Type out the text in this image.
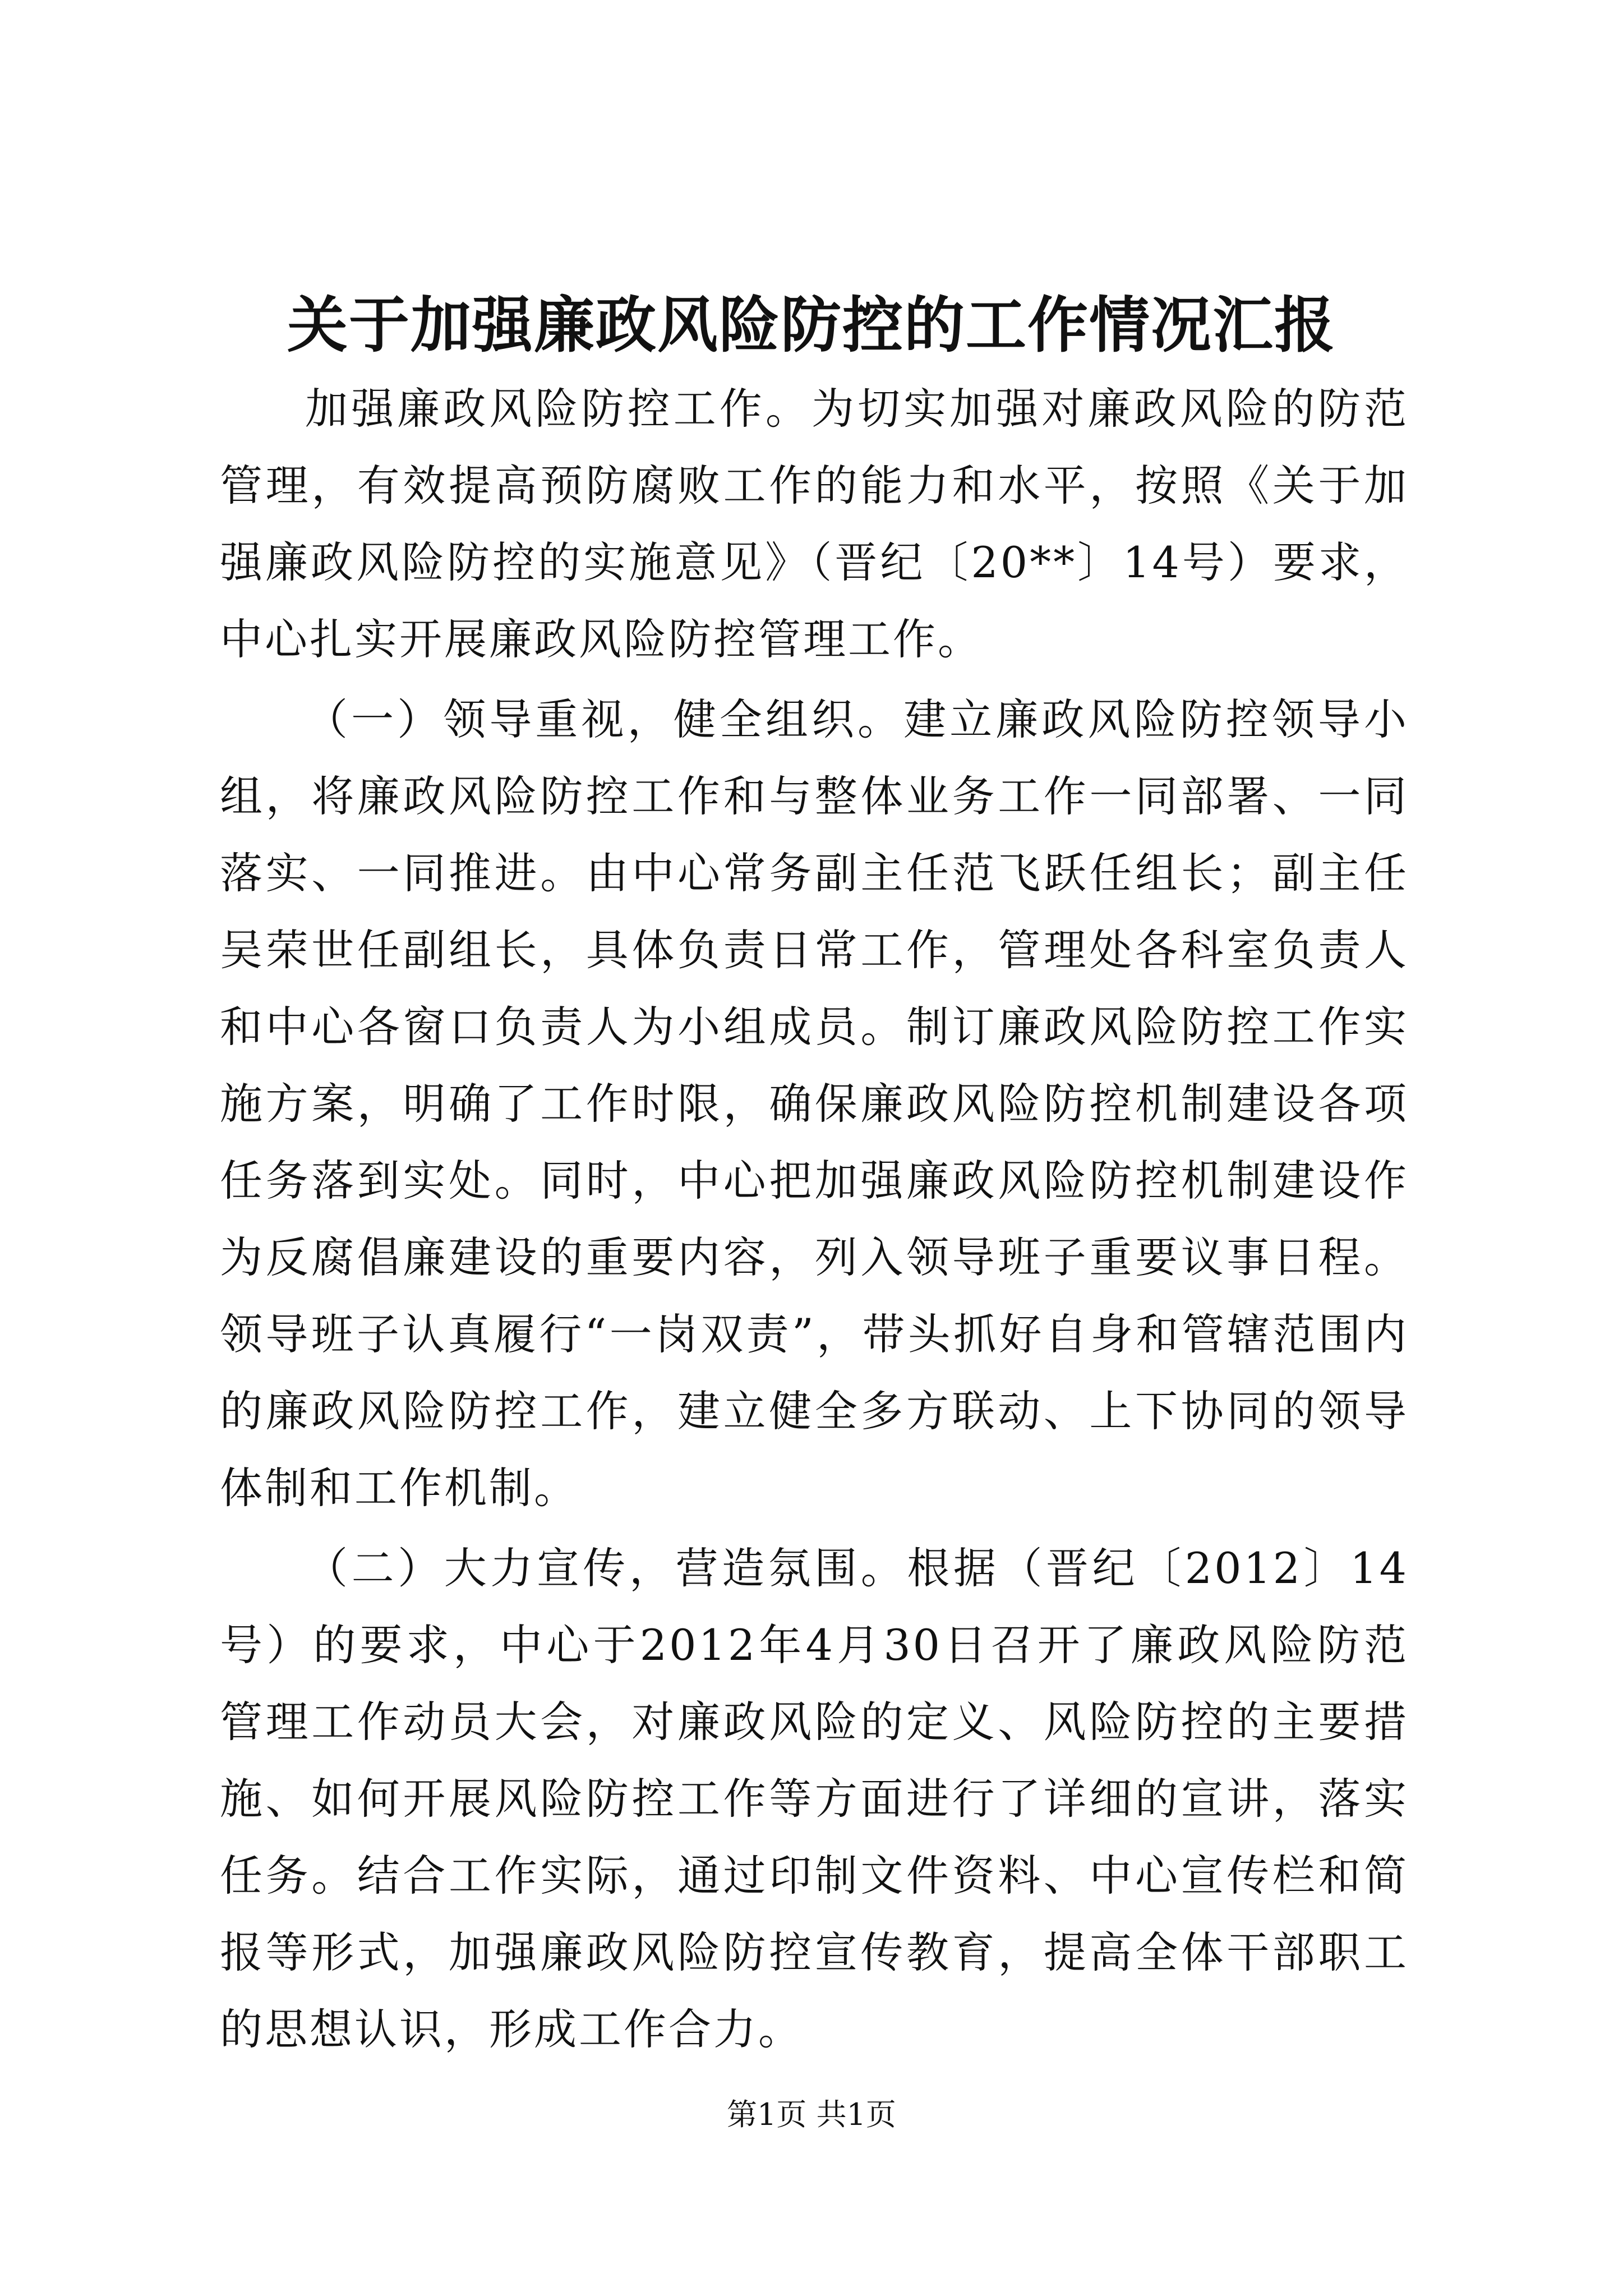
关于加强廉政风险防控的工作情况汇报

加强廉政风险防控工作。为切实加强对廉政风险的防范管理，有效提高预防腐败工作的能力和水平，按照《关于加强廉政风险防控的实施意见》（晋纪〔20**〕14号）要求，中心扎实开展廉政风险防控管理工作。

（一）领导重视，健全组织。建立廉政风险防控领导小组，将廉政风险防控工作和与整体业务工作一同部署、一同落实、一同推进。由中心常务副主任范飞跃任组长；副主任吴荣世任副组长，具体负责日常工作，管理处各科室负责人和中心各窗口负责人为小组成员。制订廉政风险防控工作实施方案，明确了工作时限，确保廉政风险防控机制建设各项任务落到实处。同时，中心把加强廉政风险防控机制建设作为反腐倡廉建设的重要内容，列入领导班子重要议事日程。领导班子认真履行“一岗双责”，带头抓好自身和管辖范围内的廉政风险防控工作，建立健全多方联动、上下协同的领导体制和工作机制。

（二）大力宣传，营造氛围。根据（晋纪〔2012〕14号）的要求，中心于2012年4月30日召开了廉政风险防范管理工作动员大会，对廉政风险的定义、风险防控的主要措施、如何开展风险防控工作等方面进行了详细的宣讲，落实任务。结合工作实际，通过印制文件资料、中心宣传栏和简报等形式，加强廉政风险防控宣传教育，提高全体干部职工的思想认识，形成工作合力。

第1页 共1页
